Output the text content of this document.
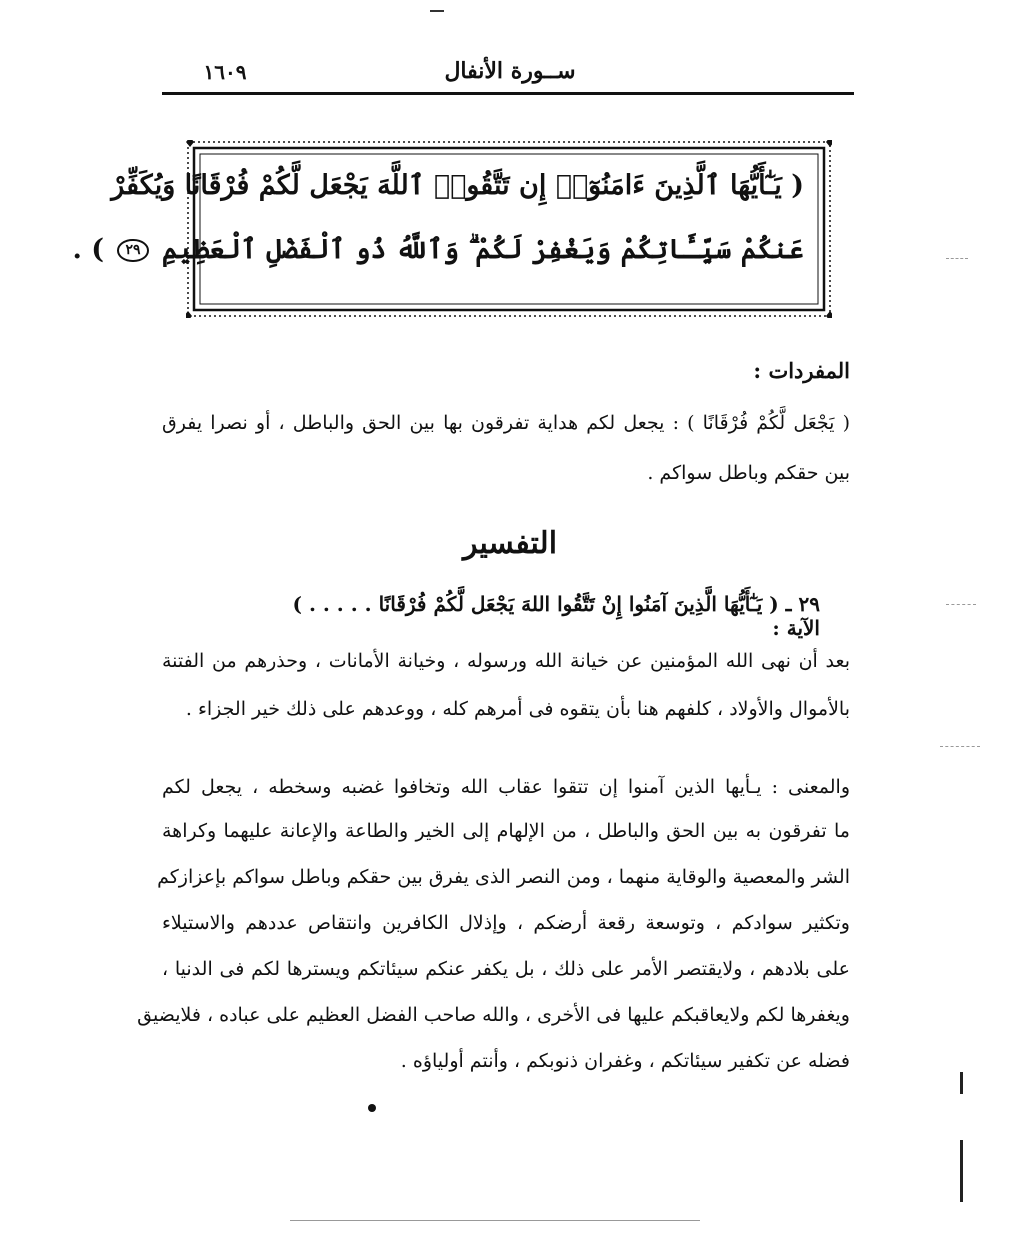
ســورة الأنفال
١٦٠٩
( يَـٰٓأَيُّهَا ٱلَّذِينَ ءَامَنُوٓا۟ إِن تَتَّقُوا۟ ٱللَّهَ يَجْعَل لَّكُمْ فُرْقَانًا وَيُكَفِّرْ
عَنكُمْ سَيِّـَٔاتِكُمْ وَيَغْفِرْ لَكُمْ ۗ وَٱللَّهُ ذُو ٱلْفَضْلِ ٱلْعَظِيمِ ٢٩ ) .
المفردات :
( يَجْعَل لَّكُمْ فُرْقَانًا ) : يجعل لكم هداية تفرقون بها بين الحق والباطل ، أو نصرا يفرق
بين حقكم وباطل سواكم .
التفسير
٢٩ ـ ( يَـٰٓأَيُّهَا الَّذِينَ آمَنُوا إِنْ تَتَّقُوا اللهَ يَجْعَل لَّكُمْ فُرْقَانًا . . . . . ) الآية :
بعد أن نهى الله المؤمنين عن خيانة الله ورسوله ، وخيانة الأمانات ، وحذرهم من الفتنة
بالأموال والأولاد ، كلفهم هنا بأن يتقوه فى أمرهم كله ، ووعدهم على ذلك خير الجزاء .
والمعنى : يـأيها الذين آمنوا إن تتقوا عقاب الله وتخافوا غضبه وسخطه ، يجعل لكم
ما تفرقون به بين الحق والباطل ، من الإلهام إلى الخير والطاعة والإعانة عليهما وكراهة
الشر والمعصية والوقاية منهما ، ومن النصر الذى يفرق بين حقكم وباطل سواكم بإعزازكم
وتكثير سوادكم ، وتوسعة رقعة أرضكم ، وإذلال الكافرين وانتقاص عددهم والاستيلاء
على بلادهم ، ولايقتصر الأمر على ذلك ، بل يكفر عنكم سيئاتكم ويسترها لكم فى الدنيا ،
ويغفرها لكم ولايعاقبكم عليها فى الأخرى ، والله صاحب الفضل العظيم على عباده ، فلايضيق
فضله عن تكفير سيئاتكم ، وغفران ذنوبكم ، وأنتم أولياؤه .
